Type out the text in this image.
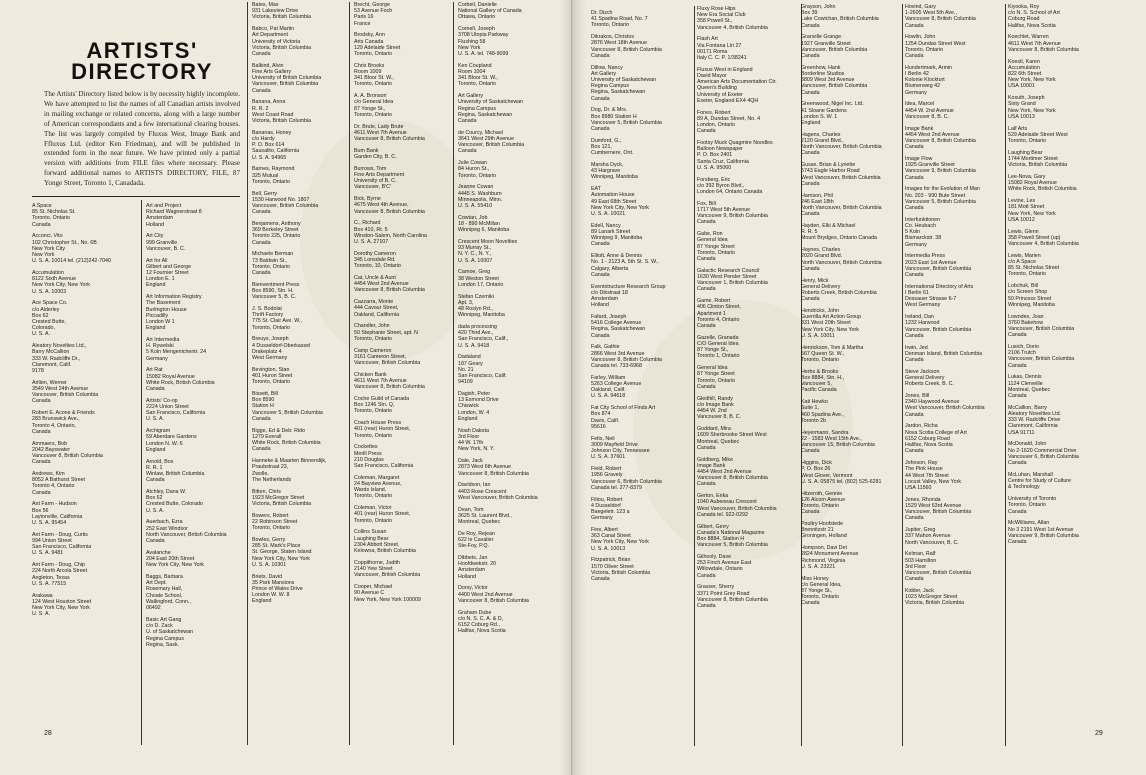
ARTISTS' DIRECTORY

The Artists' Directory listed below is by necessity highly incomplete. We have attempted to list the names of all Canadian artists involved in mailing exchange or related concerns, along with a large number of American correspondants and a few international clearing houses. The list was largely compiled by Fluxus West, Image Bank and Ffluxus Ltd. (editor Ken Friedman), and will be published in extended form in the near future. We have printed only a partial version with additions from FILE files where necessary. Please forward additional names to ARTISTS DIRECTORY, FILE, 87 Yonge Street, Toronto 1, Canadada.

A Space
85 St. Nicholas St.
Toronto, Ontario
Canada
Acconci, Vito
102 Christopher St., No. 6B
New York City
New York
U. S. A. 10014 tel. (212)242-7040
Accumulation
8122 Sixth Avenue
New York City, New York
U. S. A. 10003
Ace Space Co.
c/o Alderley
Box 62
Crested Butte,
Colorado,
U. S. A.
Aleatory Novelties Ltd.,
Barry McCallion
333 W. Radcliffe Dr.,
Claremont, Calif.
9178
Arillen, Werner
3549 West 24th Avenue
Vancouver, British Columbia
Canada
Robert E. Acone & Friends
283 Brunswick Ave.,
Toronto 4, Ontario,
Canada
Ammaers, Bob
2042 Bayswater
Vancouver 8, British Columbia
Canada
Andrews, Kim
8052 A Bathurst Street
Toronto 4, Ontario
Canada
Ant Farm - Hudson
Box 56
Laytonville, California
U. S. A. 95454
Ant Farm - Doug, Curtis
994 Union Street
San Francisco, California
U. S. A. 9481
Ant Farm - Doug, Chip
224 North Arcola Street
Angleton, Texas
U. S. A. 77515
Arakawa
124 West Houston Street
New York City, New York
U. S. A.
Art and Project
Richard Wagnerstraat 8
Amsterdam
Holland
Art City
999 Granville
Vancouver, B. C.
Art for All
Gilbert and George
12 Fournier Street
London E. 1
England
Art Information Registry
The Basement
Burlington House
Piccadilly
London W 1
England
Art Intermedia
H. Rywelski
5 Koln Mengenichentr. 24
Germany
Art Rat
15082 Royal Avenue
White Rock, British Columbia
Canada
Artists' Co-op
2224 Union Street
San Francisco, California
U. S. A.
Archigram
59 Aberdare Gardens
London N. W. 6
England
Arnold, Box
R. R. 1
Winlaw, British Columbia
Canada
Atchley, Dana W.
Box 62
Crested Butte, Colorado
U. S. A.
Auerbach, Ezra
252 East Windsor
North Vancouver, British Columbia
Canada
Avalanche
204 East 20th Street
New York City, New York
Baggs, Barbara
Art Dept.
Rosemary Hall,
Choate School,
Wallingford, Conn.,
06492
Basic Art Gang
c/o D. Zack
U. of Saskatchewan
Regina Campus
Regina, Sask.
Bates, Max
931 Lakeview Drive
Victoria, British Columbia
Babco, Pat Martin
Art Department
University of Victoria
Victoria, British Columbia
Canada
Balkind, Alvin
Fine Arts Gallery
University of British Columbia
Vancouver, British Columbia
Canada
Banana, Anna
R. R. 2
West Coast Road
Victoria, British Columbia
Bananas, Honey
c/o Hardy
P. O. Box 614
Sausalito, California
U. S. A. 94965
Barnes, Raymond
325 Mutual
Toronto, Ontario
Bell, Gerry
1530 Harwood No. 1807
Vancouver, British Columbia
Canada
Benjamens, Anthony
369 Berkeley Street
Toronto 225, Ontario
Canada
Michaele Berman
73 Baldwin St.,
Toronto, Ontario
Canada
Bienventment Press
Box 8590, Stn. H.
Vancouver 5, B. C.
J. S. Bodolai
Thrift Factory
775 St. Clair Ave. W.,
Toronto, Ontario
Breuys, Joseph
4 Dusseldorf-Oberkassel
Drakeplatz 4
West Germany
Bevington, Stan
401 Huron Street
Toronto, Ontario
Bissett, Bill
Box 8590
Station H
Vancouver 5, British Columbia
Canada
Bigge, Ed & Deb: Rido
1279 Everall
White Rock, British Columbia
Canada
Hanneke & Maarten Binnendijk,
Praubstraat 23,
Zwolle,
The Netherlands
Bitten, Chris
1923 McGregor Street
Victoria, British Columbia
Bowers, Robert
22 Robinson Street
Toronto, Ontario
Bowles, Gerry
285 St. Mark's Place
St. George, Staten Island
New York City, New York
U. S. A. 10301
Briets, David
35 Park Mansions
Prince of Wales Drive
London W. W. 8
England
Brecht, George
53 Avenue Foch
Paris 16
France
Brodsky, Ann
Arts Canada
129 Adelaide Street
Toronto, Ontario
Chris Brooks
Room 1009
341 Bloor St. W.,
Toronto, Ontario
A. A. Bronson
c/o General Idea
87 Yonge St.,
Toronto, Ontario
Dr. Brute, Lady Brute
4611 West 7th Avenue
Vancouver 8, British Columbia
Bum Bank
Garden City, B. C.
Burrows, Tom
Fine Arts Department
University of B. C.
Vancouver, B'C'
Bick, Byrne
4675 West 4th Avenue,
Vancouver 8, British Columbia
C., Richard
Box 410, Rt. 5
Winston-Salem, North Carolina
U. S. A. 27107
Dorothy Cameron
345 Lonsdale Rd.
Toronto, 10, Ontario
Cat, Uncle & Aunt
4454 West 2nd Avenue
Vancouver 8, British Columbia
Cazzarra, Monte
444 Cavour Street,
Oakland, California
Chandler, John
50 Stephanie Street, apt. N
Toronto, Ontario
Camp Cameron
3161 Cameron Street,
Vancouver, British Columbia
Chicken Bank
4611 West 7th Avenue
Vancouver 8, British Columbia
Coche Guild of Canada
Box 1246 Stn. Q,
Toronto, Ontario
Coach House Press
401 (rear) Huron Street,
Toronto, Ontario
Cockettes
Merill Press
210 Douglas
San Francisco, California
Coleman, Margaret
24 Bayview Avenue,
Wards Island,
Toronto, Ontario
Coleman, Victor
401 (rear) Huron Street,
Toronto, Ontario
Collins Susan
Laughing Bear
2304 Abbott Street,
Kelowna, British Columbia
Coppithorne, Judith
2140 Yew Street
Vancouver, British Columbia
Cooper, Michael
90 Avenue C
New York, New York 100009
Corbeil, Danielle
National Gallery of Canada
Ottawa, Ontario
Cornell, Joseph
3708 Utopia Parkway
Flushing 58
New York
U. S. A. tel. 748-9099
Ken Coupland
Room 1004
341 Bloor St. W.,
Toronto, Ontario
Art Gallery
University of Saskatchewan
Regina Campus
Regina, Saskatchewan
Canada
de Courcy, Michael
3641 West 29th Avenue
Vancouver, British Columbia
Canada
Julie Cowan
84 Huron St.,
Toronto, Ontario
Jeanne Cowan
4445 S. Washburn
Minneapolis, Minn.
U. S. A. 55410
Cowtan, Job
18 - 890 McMillan
Winnipeg 6, Manitoba
Crescent Moon Novelties
93 Murray St.,
N. Y. C., N. Y.,
U. S. A. 10007
Carnoe, Greg
38 Weston Street
London 17, Ontario
Stefan Czerniki
Apt. 3,
48 Roslyn Rd.,
Winnipeg, Manitoba
dada processing
420 Third Ave.,
San Francisco, Calif.,
U. S. A. 9418
Dadaland
187 Geary
No. 21
San Francisco, Calif.
94109
Dagish, Peter
13 Esmond Drive
Chiswick
London, W. 4
England
Noah Dakota
3rd Floor
44 W. 17th
New York, N. Y.
Dale, Jack
2873 West 6th Avenue
Vancouver 8, British Columbia
Davidson, Ian
4403 Rose Crescent
West Vancouver, British Columbia
Dean, Tom
3625 St. Laurent Blvd.,
Montreal, Quebec
De Roy, Rejean
622 le Cavalier
Ste-Foy, P.Q.
Dibbets, Jan
Hoofdwekstr. 20
Amsterdam
Holland
Dorsy, Victor
4400 West 2nd Avenue
Vancouver 8, British Columbia
Graham Dube
c/o N. S. C. A. & D,
6152 Coburg Rd.,
Halifax, Nova Scotia
28
Dr. Dizch
41 Spadina Road, No. 7
Toronto, Ontario
Dikrakos, Christos
2876 West 18th Avenue
Vancouver 8, British Columbia
Canada
Dillow, Nancy
Art Gallery
University of Saskatchewan
Regina Campus
Regina, Saskatchewan
Canada
Dog, Dr. & Mrs.
Box 8980 Station H
Vancouver 5, British Columbia
Canada
Dumford, G.,
Box 121,
Cumbernere, Ont.
Marsha Dyck,
43 Hargrave
Winnipeg, Manitoba
EAT
Automation House
49 East 68th Street
New York City, New York
U. S. A. 10021
Edell, Nancy
89 Lanark Street
Winnipeg 9, Manitoba
Canada
Elliott, Anne & Dennis
No. 1 - 2123 A, 5th St. S. W.,
Calgary, Alberta
Canada
Eventstructure Research Group
c/o Dikstraat 18
Amsterdam
Holland
Fafard, Joseph
5416 College Avenue
Regina, Saskatchewan
Canada
Falk, Gathie
2866 West 3rd Avenue
Vancouver 8, British Columbia
Canada tel. 733-6968
Farley, William
5263 College Avenue
Oakland, Calif.
U. S. A. 94618
Fat City School of Finds Art
Box 874
Davis, Calif.
95616
Felts, Neil
3009 Mayfield Drive
Johnson City, Tennessee
U. S. A. 37601
Field, Robert
1956 Gravely
Vancouver 6, British Columbia
Canada tel. 277-8379
Filiou, Robert
4 Dusseldorf
Baegeletr. 123 a
Germany
Fine, Albert
363 Canal Street
New York City, New York
U. S. A. 10013
Fitzpatrick, Brian
1570 Oliver Street
Victoria, British Columbia
Canada
Fluxy Rose Hips
New Era Social Club
358 Powell St.,
Vancouver 4, British Columbia
Flash Art
Via Fontana Liri 27
00171 Roma
Italy C. C. P. 1/38241
Fluxus West in England
David Mayor
American Arts Documentation Ctr.
Queen's Building
University of Exeter
Exeter, England EX4 4QH
Fones, Robert
89 A, Dundas Street, No. 4
London, Ontario
Canada
Footsy Muck Quagmire Noodles
Balloon Newspaper
P. O. Box 2401
Santa Cruz, California
U. S. A. 95060
Forsberg, Eric
c/o 392 Byron Blvd.,
London 64, Ontario Canada
Fox, Bill
1717 West 5th Avenue
Vancouver 9, British Columbia
Canada
Gabe, Ron
General Idea
87 Yonge Street
Toronto, Ontario
Canada
Galactic Research Council
1630 West Pender Street
Vancouver 1, British Columbia
Canada
Game, Robert
406 Clinton Street,
Apartment 1
Toronto 4, Ontario
Canada
Gazelle, Granada
C/O General Idea
87 Yonge St.,
Toronto 1, Ontario
General Idea
87 Yonge Street
Toronto, Ontario
Canada
Gledhill, Randy
c/o Image Bank
4454 W. 2nd
Vancouver 8, B. C.
Goddard, Mira
1609 Sherbrooke Street West
Montreal, Quebec
Canada
Goldberg, Mike
Image Bank
4454 West 2nd Avenue
Vancouver 8, British Columbia
Canada
Gerton, Erika
1040 Aubeneau Crescent
West Vancouver, British Columbia
Canada tel. 922-0292
Gilbert, Gerry
Canada's National Magazine
Box 8884, Station H
Vancouver 5, British Columbia
Gilhooly, Dave
253 Finch Avenue East
Willowdale, Ontario
Canada
Grasser, Sherry
3371 Point Grey Road
Vancouver 8, British Columbia
Canada
Grayson, John
Box 39
Lake Cowichan, British Columbia
Canada
Granville Grange
1927 Granville Street
Vancouver, British Columbia
Canada
Greenhow, Hank
Borderline Studios
3809 West 3rd Avenue
Vancouver, British Columbia
Canada
Greenwood, Nigel Inc. Ltd.
41 Sloane Gardens
London S. W. 1
England
Hagens, Charles
2120 Grand Blvd.,
North Vancouver, British Columbia
Canada
Gusse, Brian & Lynette
5743 Eagle Harbor Road
West Vancouver, British Columbia
Canada
Harrison, Phil
246 East 18th
North Vancouver, British Columbia
Canada
Hayden, Elki & Michael
R. R. 5
Mount Brydges, Ontario Canada
Haynes, Charles
2020 Grand Blvd.
North Vancouver, British Columbia
Canada
Henry, Mick
General Delivery
Roberts Creek, British Columbia
Canada
Hendricks, John
Guerrilla Art Action Group
331 West 20th Street
New York City, New York
U. S. A. 10011
Henrickson, Tom & Martha
567 Queen St. W.,
Toronto, Ontario
Herbs & Brooks
Box 8884, Stn. H.,
Vancouver 5,
Pacific Canada
Kati Hewko
Suite 1,
460 Spadina Ave.,
Toronto 2b
Heyermann, Sandra
22 - 1583 West 15th Ave.,
Vancouver 15, British Columbia
Canada
Higgins, Dick
P. O. Box 26
West Glover, Vermont
U. S. A. 05875 tel. (802) 525-6281
Hitzeroth, Gennie
126 Alcorn Avenue
Toronto, Ontario
Canada
Poultry Hoofstede
Brennitzstr 21
Groningen, Holland
Hompson, Davi Det
2824 Monument Avenue
Richmond, Virginia
U. S. A. 23221
Miss Honey
c/o General Idea,
87 Yonge St.,
Toronto, Ontario
Canada
Hovind, Gary
1-2605 West 5th Ave.,
Vancouver 8, British Columbia
Canada
Howlin, John
1254 Dundas Street West
Toronto, Ontario
Canada
Hundertmark, Armin
I Berlin 42
Kolonie Klockturt
Blumenweg 42
Germany
Idea, Marcel
4454 W. 2nd Avenue
Vancouver 8, B. C.
Image Bank
4454 West 2nd Avenue
Vancouver 8, British Columbia
Canada
Image Flow
1925 Granville Street
Vancouver 9, British Columbia
Canada
Images for the Evolution of Man
No. 203 - 990 Bute Street
Vancouver 5, British Columbia
Canada
Interfunktionen
Co. Heubach
5 Koln
Bismarckstr. 38
Germany
Intermedia Press
2023 East 1st Avenue
Vancouver, British Columbia
Canada
International Directory of Arts
I Berlin 61
Dessauer Strasse 6-7
West Germany
Ireland, Dan
1232 Harwood
Vancouver, British Columbia
Canada
Irwin, Jed
Denman Island, British Columbia
Canada
Steve Jackson
General Delivery
Roberts Creek, B. C.
Jones, Bill
2340 Haywood Avenue
West Vancouver, British Columbia
Canada
Jardon, Richa
Nova Scotia College of Art
6152 Coburg Road
Halifax, Nova Scotia
Canada
Johnson, Ray
The Pink House
44 West 7th Street
Locust Valley, New York
USA 11560
Jones, Rhonda
1529 West 63rd Avenue
Vancouver, British Columbia
Canada
Jupiter, Greg
337 Mahon Avenue
North Vancouver, B. C.
Kelman, Ralf
503 Hamilton
3rd Floor
Vancouver, British Columbia
Canada
Kidder, Jack
1023 McGregor Street
Victoria, British Columbia
Kiyooka, Roy
c/o N. S. School of Art
Coburg Road
Halifax, Nova Scotia
Koechlet, Warren
4611 West 7th Avenue
Vancouver 8, British Columbia
Koestl, Karen
Accumulation
822 6th Street
New York, New York
USA 10001
Kosuth, Joseph
Sixty Grand
New York, New York
USA 10013
Lalf Arts
529 Adelaide Street West
Toronto, Ontario
Laughing Bear
1744 Mortimer Street
Victoria, British Columbia
Lee-Nova, Gary
15082 Royal Avenue
White Rock, British Columbia
Levine, Les
181 Mott Street
New York, New York
USA 10012
Lewis, Glenn
358 Powell Street (up)
Vancouver 4, British Columbia
Lewis, Marien
c/o A Space
85 St. Nicholas Street
Toronto, Ontario
Lobchuk, Bill
c/o Screen Shop
50 Princess Street
Winnipeg, Manitoba
Lowndes, Joan
3760 Bakehow
Vancouver, British Columbia
Canada
Lusich, Dorio
2106 Trutch
Vancouver, British Columbia
Canada
Lukas, Dennis
1124 Clerveille
Montreal, Quebec
Canada
McCallion, Barry
Aleatory Novelties Ltd.
333 W. Radcliffe Drive
Claremont, California
USA 91711
McDonald, John
No 2-1620 Commercial Drive
Vancouver 6, British Columbia
Canada
McLuhan, Marshall
Centre for Study of Culture
& Technology
University of Toronto
Toronto, Ontario
Canada
McWilliams, Allan
No 3 2191 West 1st Avenue
Vancouver 9, British Columbia
Canada
29
